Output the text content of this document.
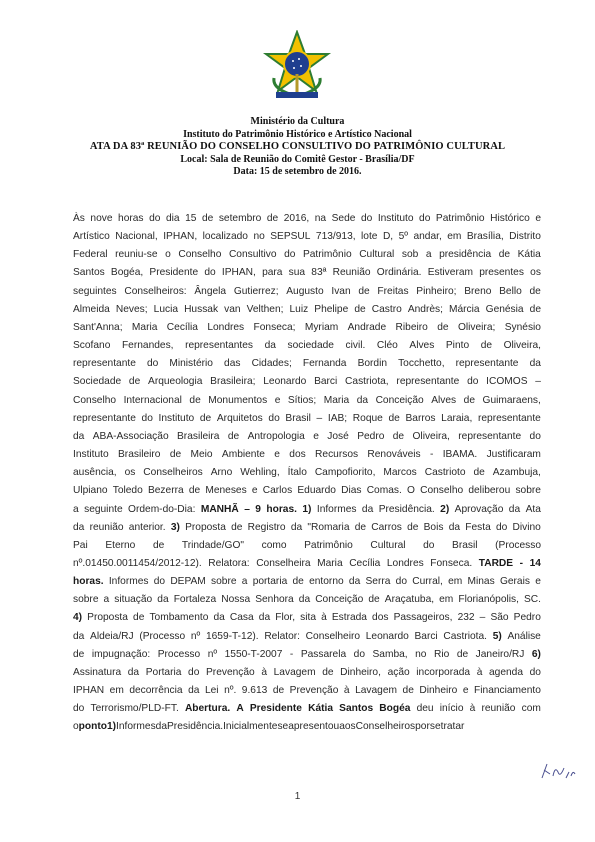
Ministério da Cultura
Instituto do Patrimônio Histórico e Artístico Nacional
ATA DA 83ª REUNIÃO DO CONSELHO CONSULTIVO DO PATRIMÔNIO CULTURAL
Local: Sala de Reunião do Comitê Gestor - Brasília/DF
Data: 15 de setembro de 2016.
Às nove horas do dia 15 de setembro de 2016, na Sede do Instituto do Patrimônio Histórico e
Artístico Nacional, IPHAN, localizado no SEPSUL 713/913, lote D, 5º andar, em Brasília, Distrito
Federal reuniu-se o Conselho Consultivo do Patrimônio Cultural sob a presidência de Kátia
Santos Bogéa, Presidente do IPHAN, para sua 83ª Reunião Ordinária. Estiveram presentes os
seguintes Conselheiros: Ângela Gutierrez; Augusto Ivan de Freitas Pinheiro; Breno Bello de
Almeida Neves; Lucia Hussak van Velthen; Luiz Phelipe de Castro Andrès; Márcia Genésia de
Sant'Anna; Maria Cecília Londres Fonseca; Myriam Andrade Ribeiro de Oliveira; Synésio
Scofano Fernandes, representantes da sociedade civil. Cléo Alves Pinto de Oliveira,
representante do Ministério das Cidades; Fernanda Bordin Tocchetto, representante da
Sociedade de Arqueologia Brasileira; Leonardo Barci Castriota, representante do ICOMOS –
Conselho Internacional de Monumentos e Sítios; Maria da Conceição Alves de Guimaraens,
representante do Instituto de Arquitetos do Brasil – IAB; Roque de Barros Laraia, representante
da ABA-Associação Brasileira de Antropologia e José Pedro de Oliveira, representante do
Instituto Brasileiro de Meio Ambiente e dos Recursos Renováveis - IBAMA. Justificaram
ausência, os Conselheiros Arno Wehling, Ítalo Campofiorito, Marcos Castrioto de Azambuja,
Ulpiano Toledo Bezerra de Meneses e Carlos Eduardo Dias Comas. O Conselho deliberou sobre
a seguinte Ordem-do-Dia: MANHÃ – 9 horas. 1) Informes da Presidência. 2) Aprovação da Ata
da reunião anterior. 3) Proposta de Registro da "Romaria de Carros de Bois da Festa do Divino
Pai Eterno de Trindade/GO" como Patrimônio Cultural do Brasil (Processo
nº.01450.0011454/2012-12). Relatora: Conselheira Maria Cecília Londres Fonseca. TARDE - 14
horas. Informes do DEPAM sobre a portaria de entorno da Serra do Curral, em Minas Gerais e
sobre a situação da Fortaleza Nossa Senhora da Conceição de Araçatuba, em Florianópolis, SC.
4) Proposta de Tombamento da Casa da Flor, sita à Estrada dos Passageiros, 232 – São Pedro
da Aldeia/RJ (Processo nº 1659-T-12). Relator: Conselheiro Leonardo Barci Castriota. 5) Análise
de impugnação: Processo nº 1550-T-2007 - Passarela do Samba, no Rio de Janeiro/RJ 6)
Assinatura da Portaria do Prevenção à Lavagem de Dinheiro, ação incorporada à agenda do
IPHAN em decorrência da Lei nº. 9.613 de Prevenção à Lavagem de Dinheiro e Financiamento
do Terrorismo/PLD-FT. Abertura. A Presidente Kátia Santos Bogéa deu início à reunião com
o ponto 1) Informes da Presidência. Inicialmente se apresentou aos Conselheiros por se tratar
1
